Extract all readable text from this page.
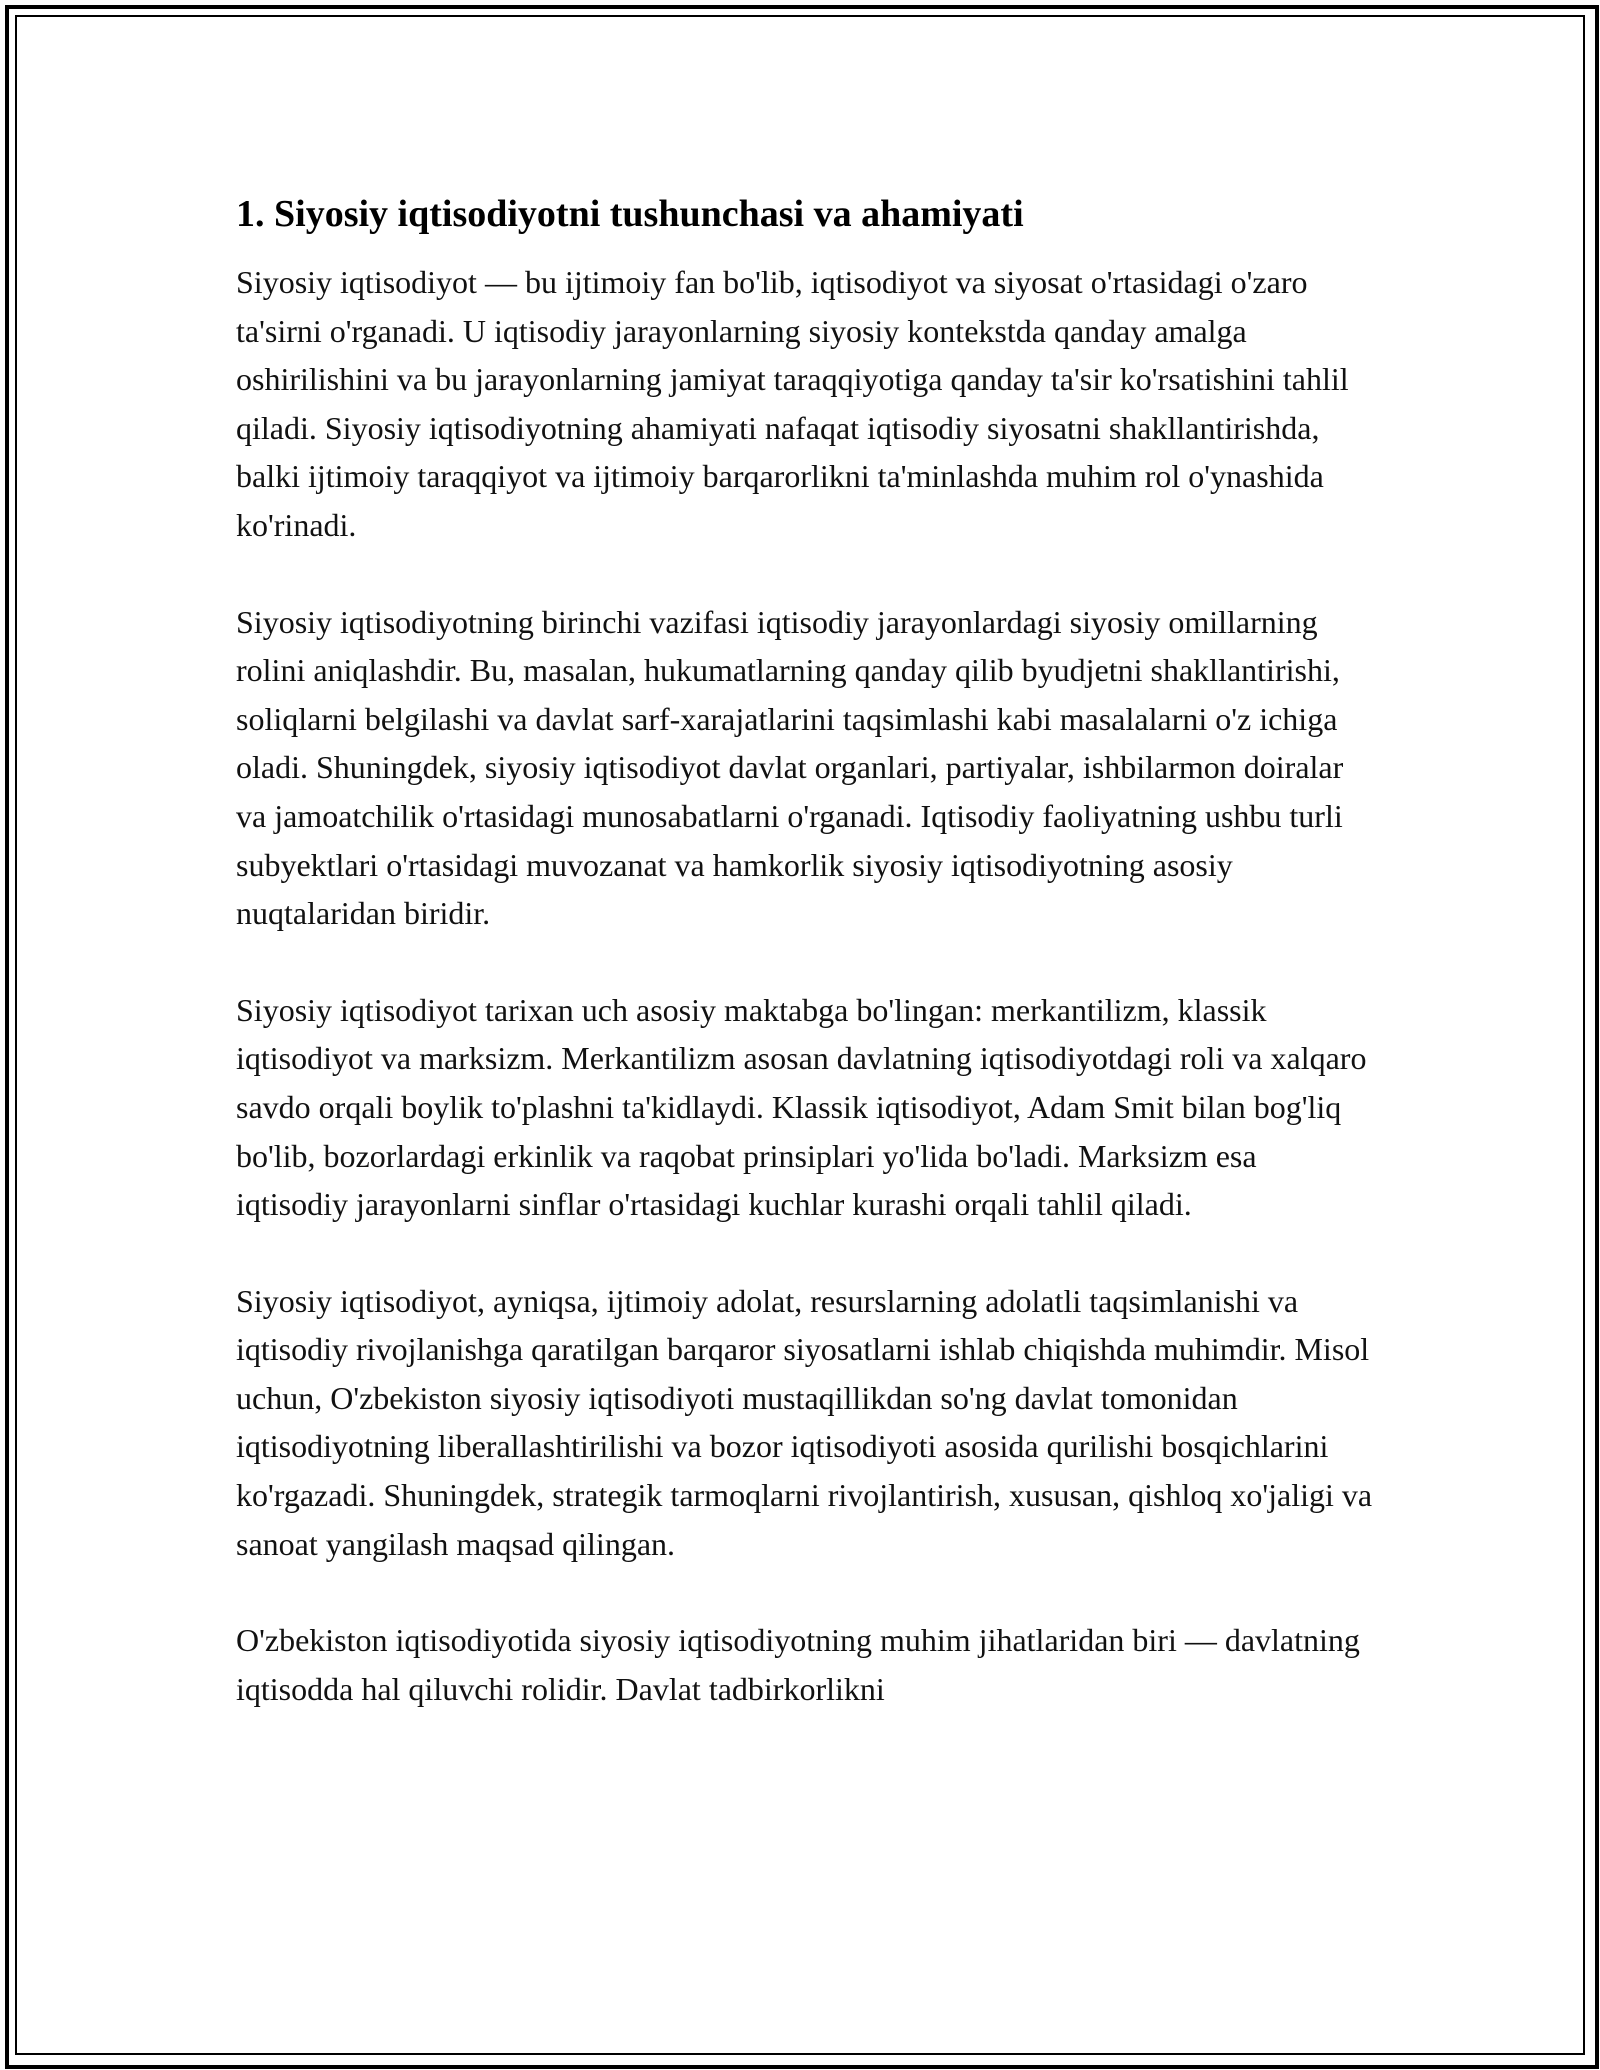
1. Siyosiy iqtisodiyotni tushunchasi va ahamiyati

Siyosiy iqtisodiyot — bu ijtimoiy fan bo'lib, iqtisodiyot va siyosat o'rtasidagi o'zaro ta'sirni o'rganadi. U iqtisodiy jarayonlarning siyosiy kontekstda qanday amalga oshirilishini va bu jarayonlarning jamiyat taraqqiyotiga qanday ta'sir ko'rsatishini tahlil qiladi. Siyosiy iqtisodiyotning ahamiyati nafaqat iqtisodiy siyosatni shakllantirishda, balki ijtimoiy taraqqiyot va ijtimoiy barqarorlikni ta'minlashda muhim rol o'ynashida ko'rinadi.

Siyosiy iqtisodiyotning birinchi vazifasi iqtisodiy jarayonlardagi siyosiy omillarning rolini aniqlashdir. Bu, masalan, hukumatlarning qanday qilib byudjetni shakllantirishi, soliqlarni belgilashi va davlat sarf-xarajatlarini taqsimlashi kabi masalalarni o'z ichiga oladi. Shuningdek, siyosiy iqtisodiyot davlat organlari, partiyalar, ishbilarmon doiralar va jamoatchilik o'rtasidagi munosabatlarni o'rganadi. Iqtisodiy faoliyatning ushbu turli subyektlari o'rtasidagi muvozanat va hamkorlik siyosiy iqtisodiyotning asosiy nuqtalaridan biridir.

Siyosiy iqtisodiyot tarixan uch asosiy maktabga bo'lingan: merkantilizm, klassik iqtisodiyot va marksizm. Merkantilizm asosan davlatning iqtisodiyotdagi roli va xalqaro savdo orqali boylik to'plashni ta'kidlaydi. Klassik iqtisodiyot, Adam Smit bilan bog'liq bo'lib, bozorlardagi erkinlik va raqobat prinsiplari yo'lida bo'ladi. Marksizm esa iqtisodiy jarayonlarni sinflar o'rtasidagi kuchlar kurashi orqali tahlil qiladi.

Siyosiy iqtisodiyot, ayniqsa, ijtimoiy adolat, resurslarning adolatli taqsimlanishi va iqtisodiy rivojlanishga qaratilgan barqaror siyosatlarni ishlab chiqishda muhimdir. Misol uchun, O'zbekiston siyosiy iqtisodiyoti mustaqillikdan so'ng davlat tomonidan iqtisodiyotning liberallashtirilishi va bozor iqtisodiyoti asosida qurilishi bosqichlarini ko'rgazadi. Shuningdek, strategik tarmoqlarni rivojlantirish, xususan, qishloq xo'jaligi va sanoat yangilash maqsad qilingan.

O'zbekiston iqtisodiyotida siyosiy iqtisodiyotning muhim jihatlaridan biri — davlatning iqtisodda hal qiluvchi rolidir. Davlat tadbirkorlikni
